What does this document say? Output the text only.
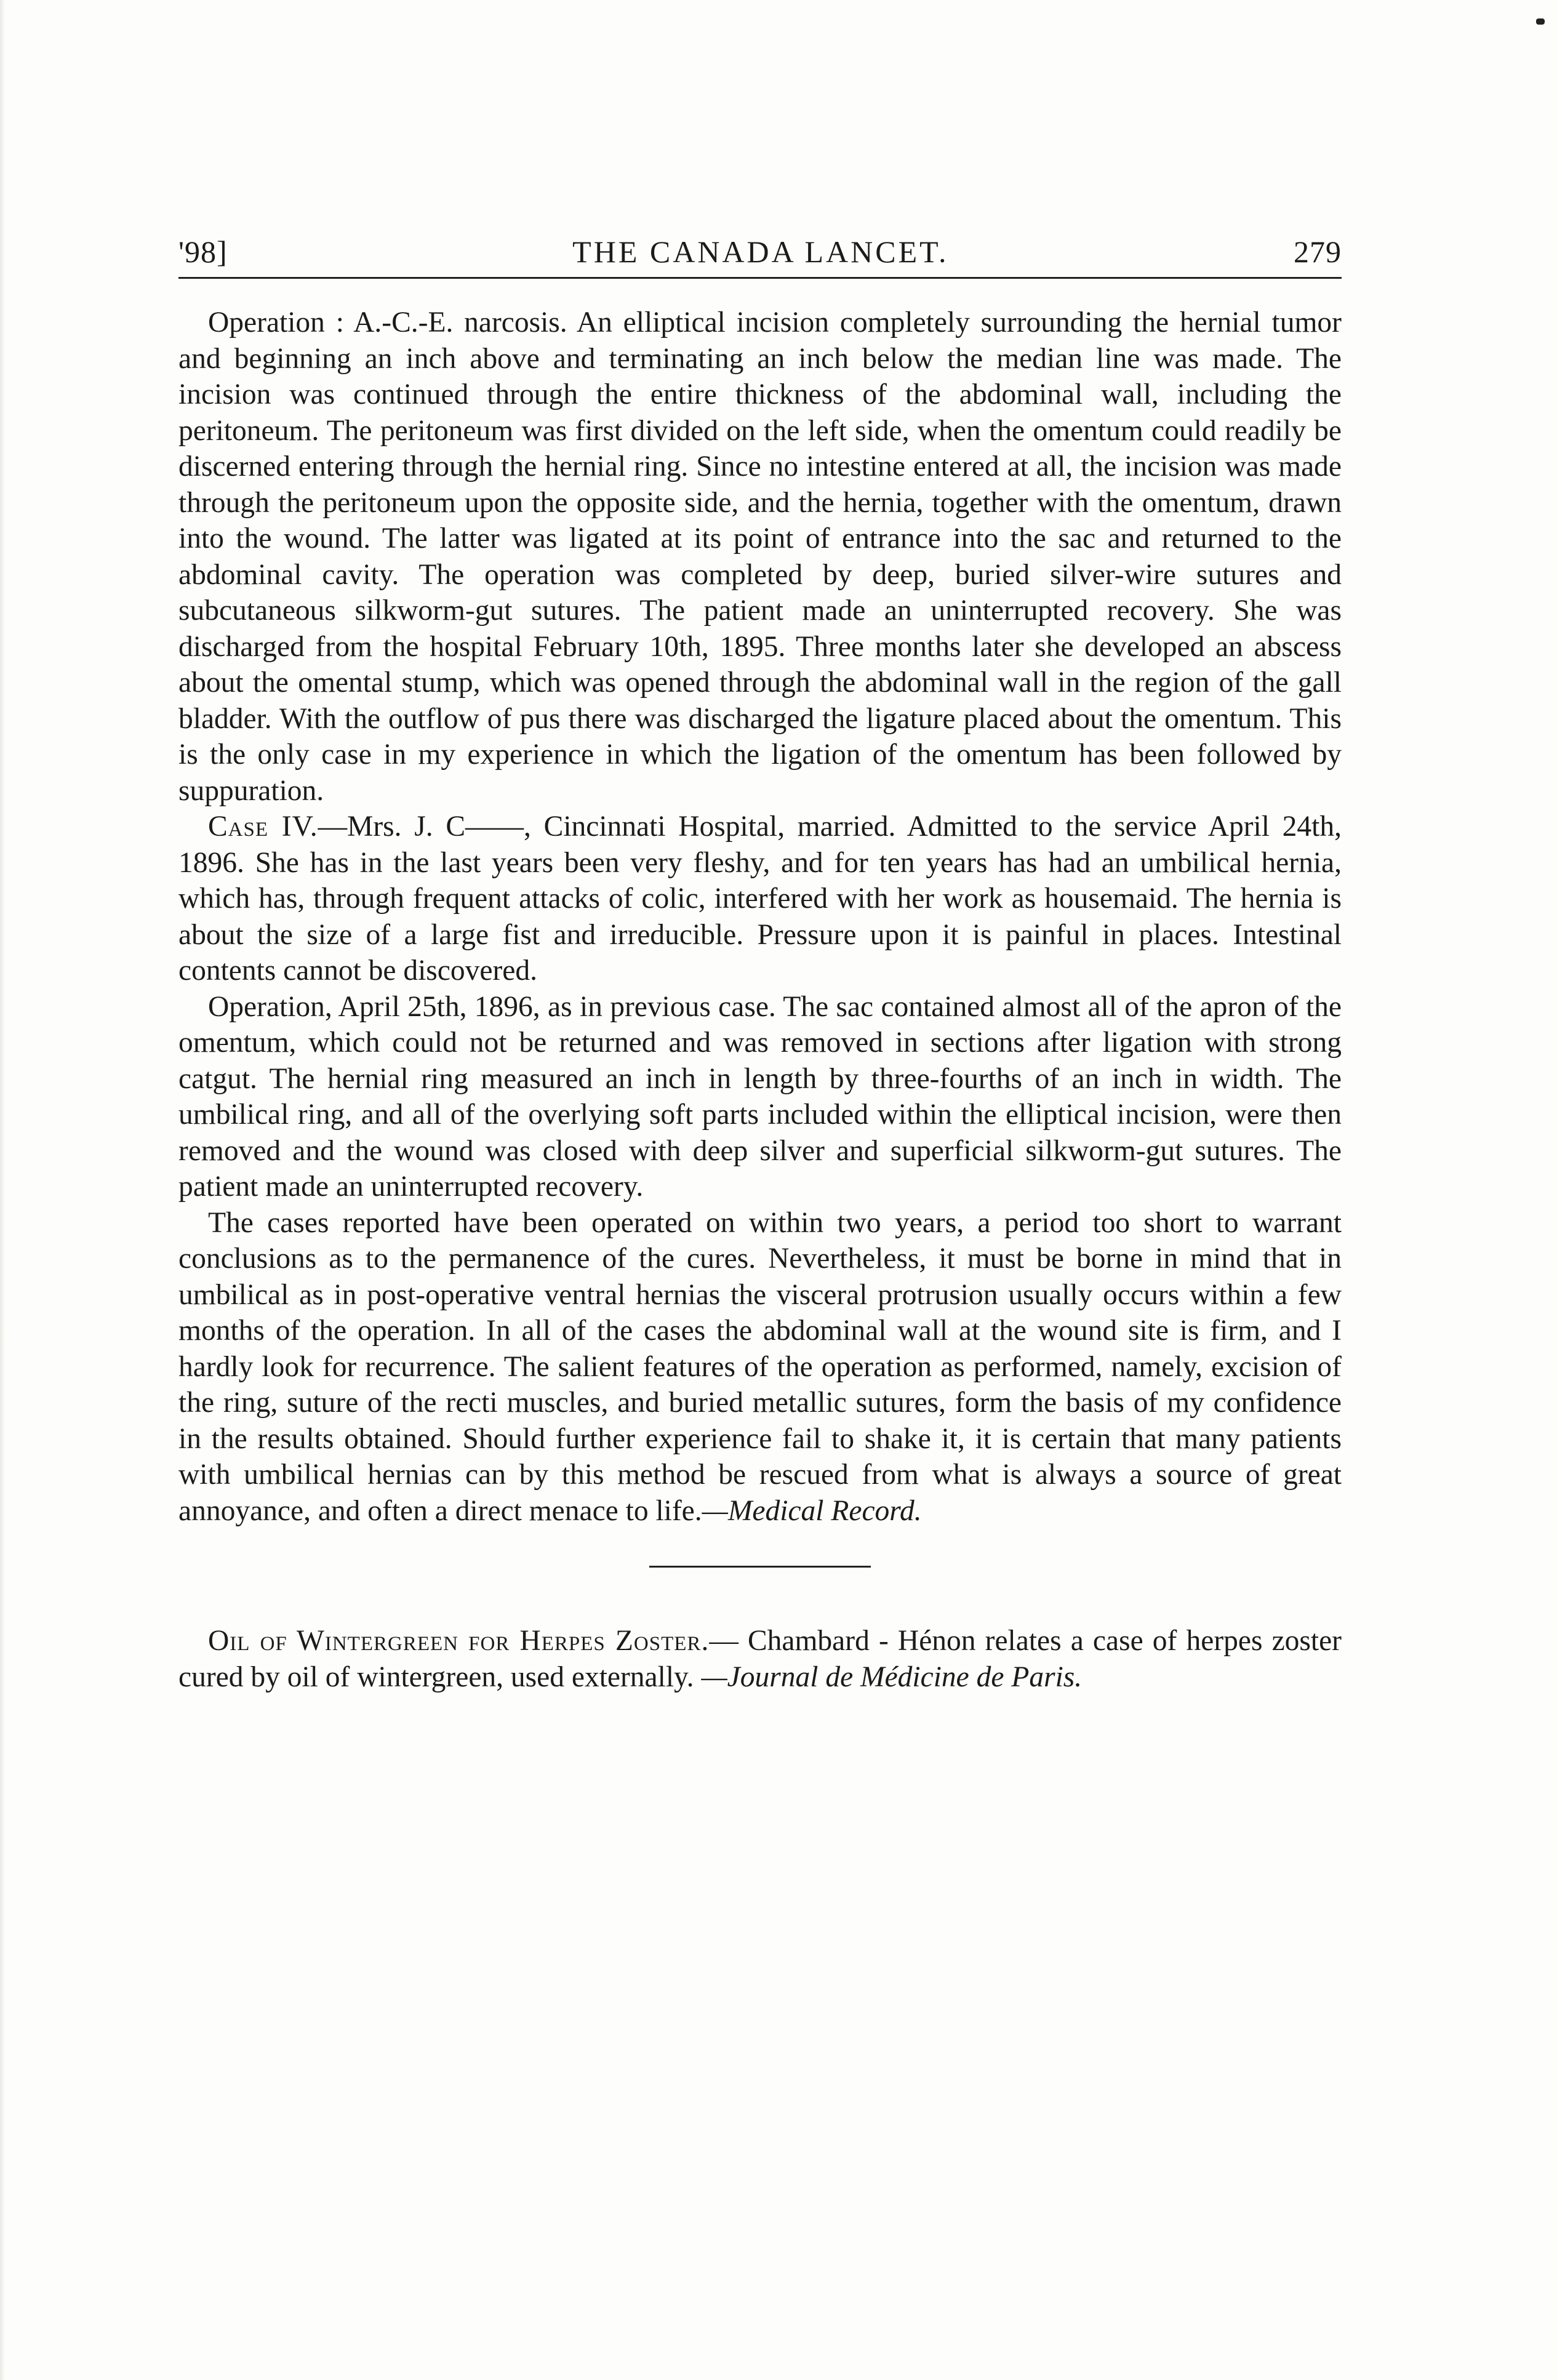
'98]	THE CANADA LANCET.	279

Operation : A.-C.-E. narcosis. An elliptical incision completely surrounding the hernial tumor and beginning an inch above and terminating an inch below the median line was made. The incision was continued through the entire thickness of the abdominal wall, including the peritoneum. The peritoneum was first divided on the left side, when the omentum could readily be discerned entering through the hernial ring. Since no intestine entered at all, the incision was made through the peritoneum upon the opposite side, and the hernia, together with the omentum, drawn into the wound. The latter was ligated at its point of entrance into the sac and returned to the abdominal cavity. The operation was completed by deep, buried silver-wire sutures and subcutaneous silkworm-gut sutures. The patient made an uninterrupted recovery. She was discharged from the hospital February 10th, 1895. Three months later she developed an abscess about the omental stump, which was opened through the abdominal wall in the region of the gall bladder. With the outflow of pus there was discharged the ligature placed about the omentum. This is the only case in my experience in which the ligation of the omentum has been followed by suppuration.

Case IV.—Mrs. J. C——, Cincinnati Hospital, married. Admitted to the service April 24th, 1896. She has in the last years been very fleshy, and for ten years has had an umbilical hernia, which has, through frequent attacks of colic, interfered with her work as housemaid. The hernia is about the size of a large fist and irreducible. Pressure upon it is painful in places. Intestinal contents cannot be discovered.

Operation, April 25th, 1896, as in previous case. The sac contained almost all of the apron of the omentum, which could not be returned and was removed in sections after ligation with strong catgut. The hernial ring measured an inch in length by three-fourths of an inch in width. The umbilical ring, and all of the overlying soft parts included within the elliptical incision, were then removed and the wound was closed with deep silver and superficial silkworm-gut sutures. The patient made an uninterrupted recovery.

The cases reported have been operated on within two years, a period too short to warrant conclusions as to the permanence of the cures. Nevertheless, it must be borne in mind that in umbilical as in post-operative ventral hernias the visceral protrusion usually occurs within a few months of the operation. In all of the cases the abdominal wall at the wound site is firm, and I hardly look for recurrence. The salient features of the operation as performed, namely, excision of the ring, suture of the recti muscles, and buried metallic sutures, form the basis of my confidence in the results obtained. Should further experience fail to shake it, it is certain that many patients with umbilical hernias can by this method be rescued from what is always a source of great annoyance, and often a direct menace to life.—Medical Record.

Oil of Wintergreen for Herpes Zoster.— Chambard - Hénon relates a case of herpes zoster cured by oil of wintergreen, used externally. —Journal de Médicine de Paris.
